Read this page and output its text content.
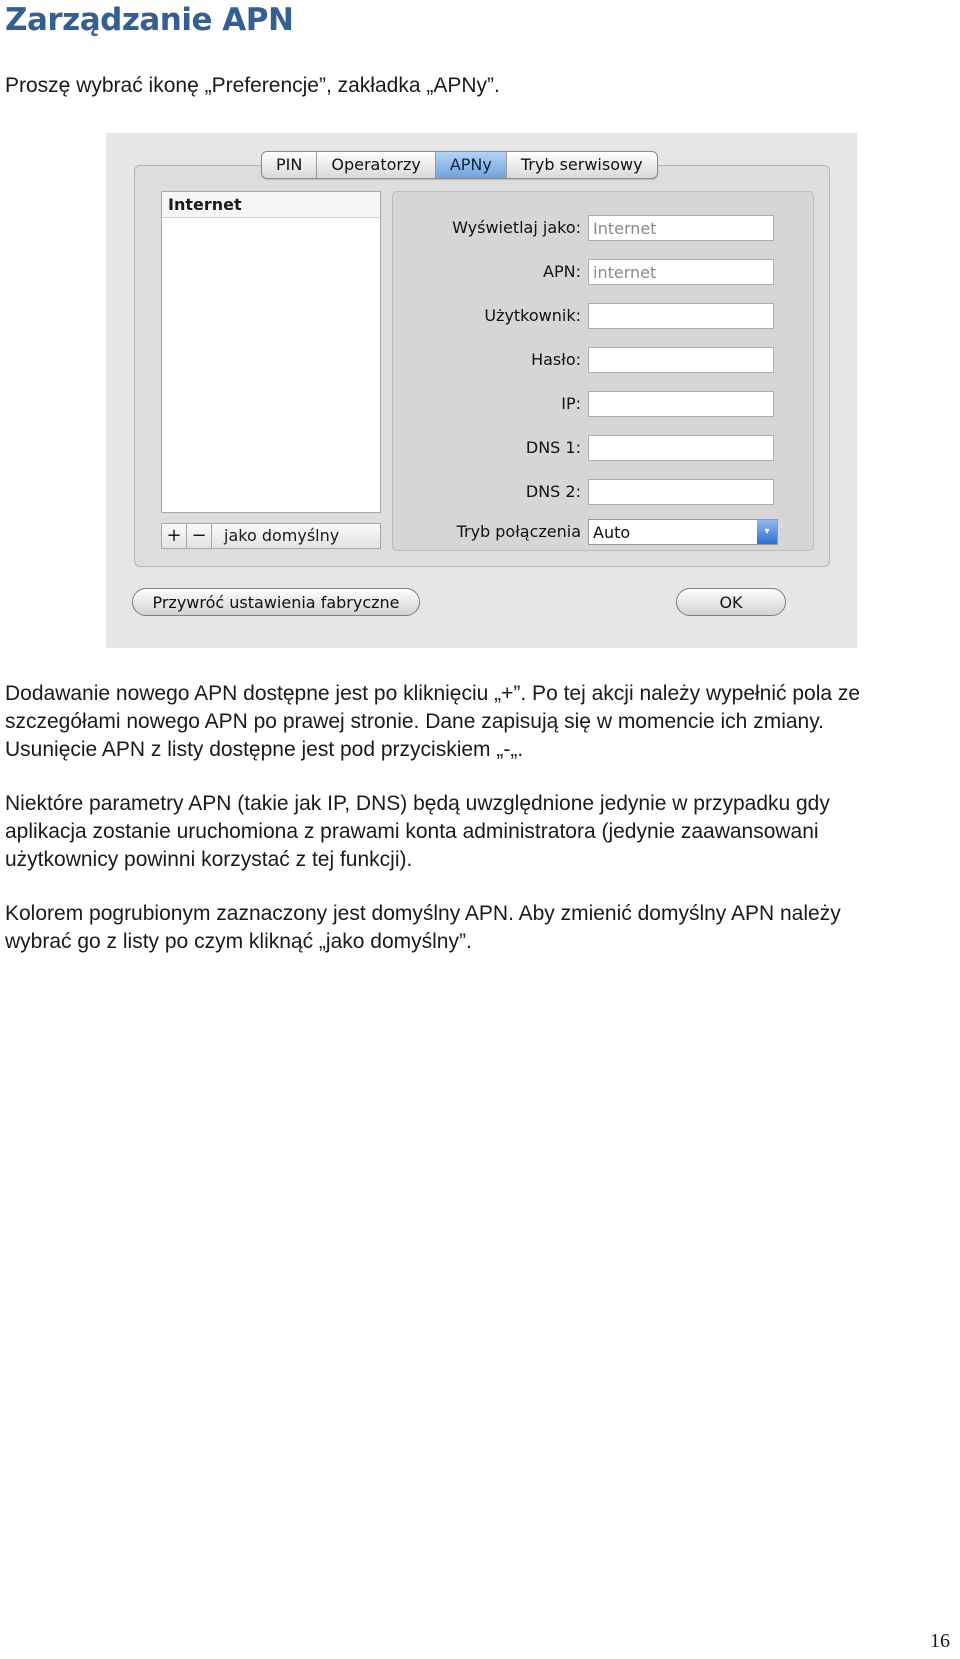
Zarządzanie APN
Proszę wybrać ikonę „Preferencje”, zakładka „APNy”.
PIN	Operatorzy	APNy	Tryb serwisowy
Internet
+ −	jako domyślny
Wyświetlaj jako: Internet
APN: internet
Użytkownik:
Hasło:
IP:
DNS 1:
DNS 2:
Tryb połączenia Auto	▾
Przywróć ustawienia fabryczne	OK
Dodawanie nowego APN dostępne jest po kliknięciu „+”. Po tej akcji należy wypełnić pola ze
szczegółami nowego APN po prawej stronie. Dane zapisują się w momencie ich zmiany.
Usunięcie APN z listy dostępne jest pod przyciskiem „-„.
Niektóre parametry APN (takie jak IP, DNS) będą uwzględnione jedynie w przypadku gdy
aplikacja zostanie uruchomiona z prawami konta administratora (jedynie zaawansowani
użytkownicy powinni korzystać z tej funkcji).
Kolorem pogrubionym zaznaczony jest domyślny APN. Aby zmienić domyślny APN należy
wybrać go z listy po czym kliknąć „jako domyślny”.
16
